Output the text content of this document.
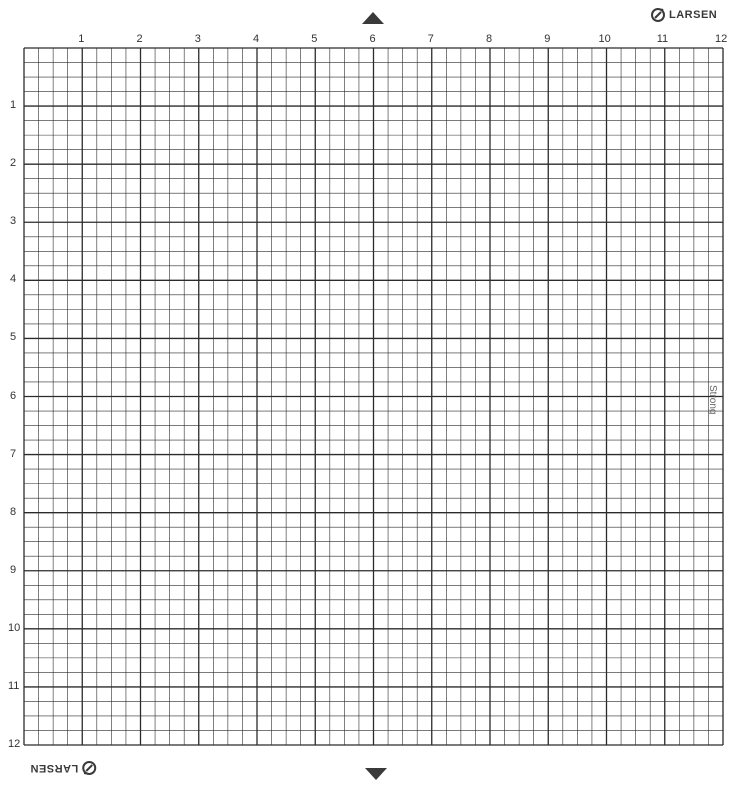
LARSEN
Strong
LARSEN
1	2	3	4	5	6	7	8	9	10	11	12
1
2
3
4
5
6
7
8
9
10
11
12
